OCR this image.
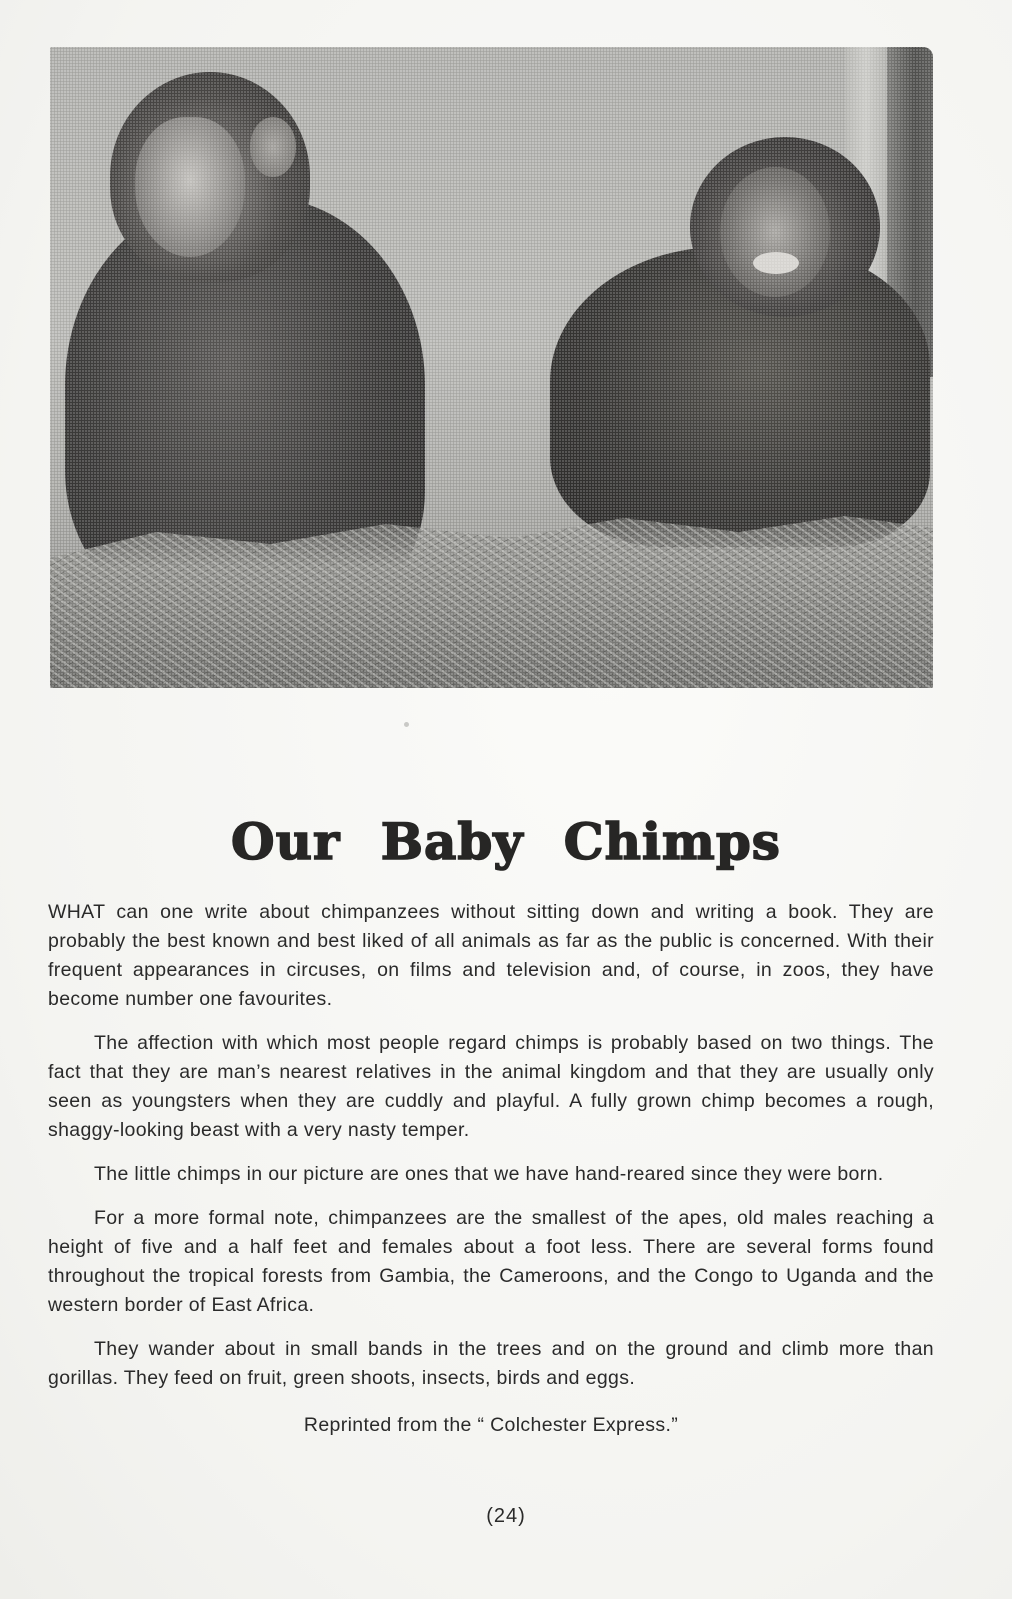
Our Baby Chimps

WHAT can one write about chimpanzees without sitting down and writing a book. They are probably the best known and best liked of all animals as far as the public is concerned. With their frequent appearances in circuses, on films and television and, of course, in zoos, they have become number one favourites.

The affection with which most people regard chimps is probably based on two things. The fact that they are man’s nearest relatives in the animal kingdom and that they are usually only seen as youngsters when they are cuddly and playful. A fully grown chimp becomes a rough, shaggy-looking beast with a very nasty temper.

The little chimps in our picture are ones that we have hand-reared since they were born.

For a more formal note, chimpanzees are the smallest of the apes, old males reaching a height of five and a half feet and females about a foot less. There are several forms found throughout the tropical forests from Gambia, the Cameroons, and the Congo to Uganda and the western border of East Africa.

They wander about in small bands in the trees and on the ground and climb more than gorillas. They feed on fruit, green shoots, insects, birds and eggs.

Reprinted from the “ Colchester Express.”

(24)
